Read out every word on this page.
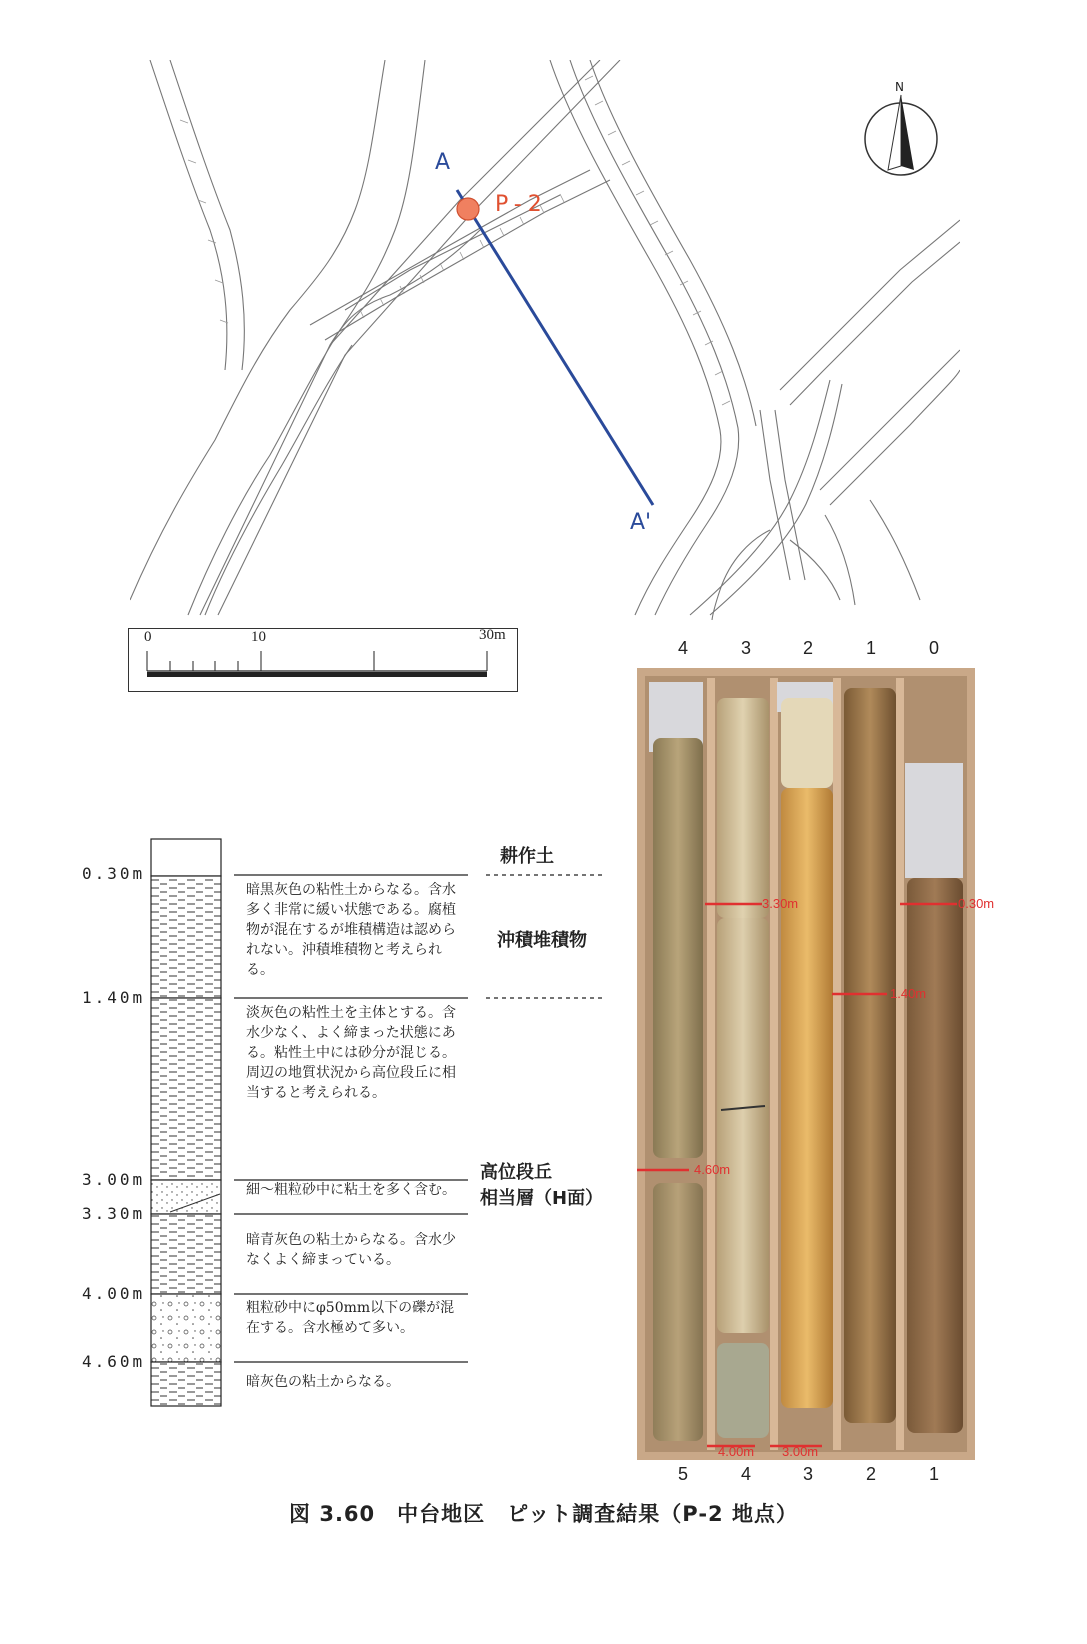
N
A
P-2
A'
0	10	30m
0.30m
1.40m
3.00m
3.30m
4.00m
4.60m
暗黒灰色の粘性土からなる。含水多く非常に緩い状態である。腐植物が混在するが堆積構造は認められない。沖積堆積物と考えられる。
淡灰色の粘性土を主体とする。含水少なく、よく締まった状態にある。粘性土中には砂分が混じる。周辺の地質状況から高位段丘に相当すると考えられる。
細～粗粒砂中に粘土を多く含む。
暗青灰色の粘土からなる。含水少なくよく締まっている。
粗粒砂中にφ50mm以下の礫が混在する。含水極めて多い。
暗灰色の粘土からなる。
耕作土
沖積堆積物
高位段丘
相当層（H面）
4	3	2	1	0
3.30m	0.30m
1.40m
4.60m
4.00m 3.00m
5	4	3	2	1
図 3.60　中台地区　ピット調査結果（P-2 地点）
